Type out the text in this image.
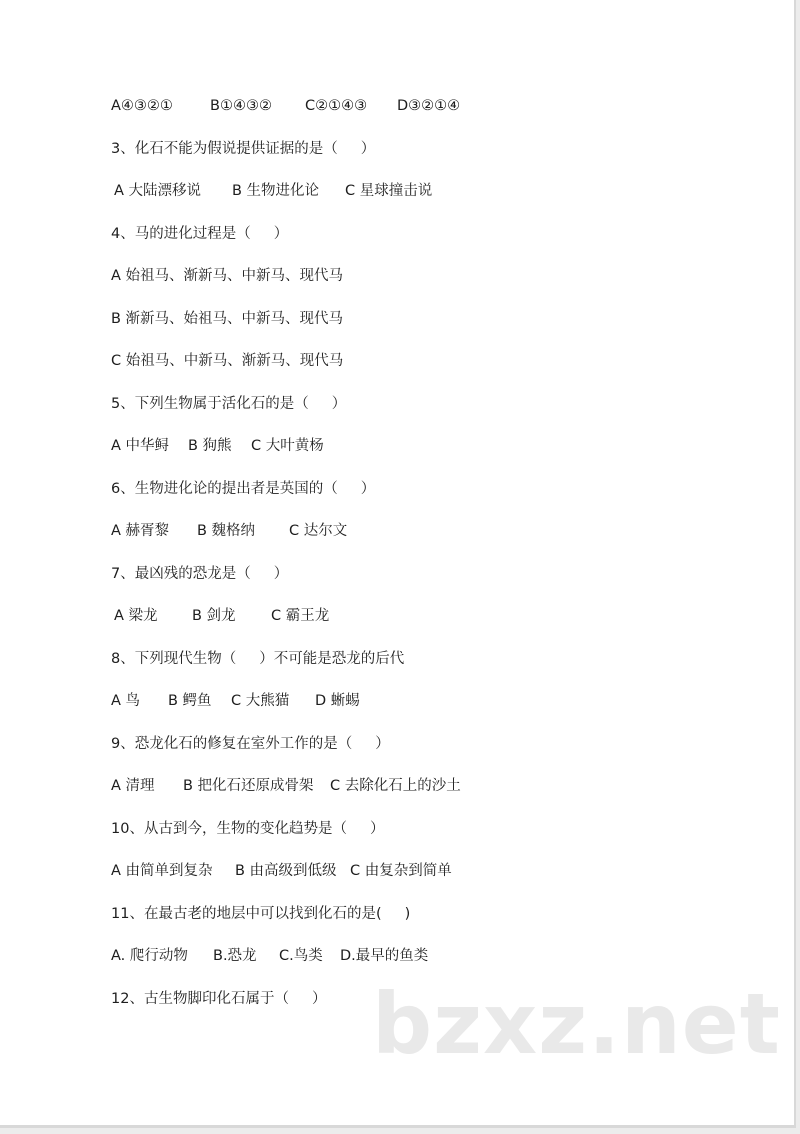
A④③②①	B①④③② C②①④③ D③②①④
3、化石不能为假说提供证据的是（     ）
A 大陆漂移说 B 生物进化论 C 星球撞击说
4、马的进化过程是（     ）
A 始祖马、渐新马、中新马、现代马
B 渐新马、始祖马、中新马、现代马
C 始祖马、中新马、渐新马、现代马
5、下列生物属于活化石的是（     ）
A 中华鲟 B 狗熊 C 大叶黄杨
6、生物进化论的提出者是英国的（     ）
A 赫胥黎 B 魏格纳 C 达尔文
7、最凶残的恐龙是（     ）
A 梁龙 B 剑龙 C 霸王龙
8、下列现代生物（     ）不可能是恐龙的后代
A 鸟 B 鳄鱼 C 大熊猫 D 蜥蜴
9、恐龙化石的修复在室外工作的是（     ）
A 清理 B 把化石还原成骨架 C 去除化石上的沙土
10、从古到今，生物的变化趋势是（     ）
A 由简单到复杂 B 由高级到低级 C 由复杂到简单
11、在最古老的地层中可以找到化石的是(     )
A. 爬行动物 B.恐龙 C.鸟类 D.最早的鱼类
12、古生物脚印化石属于（     ） bzxz.net
